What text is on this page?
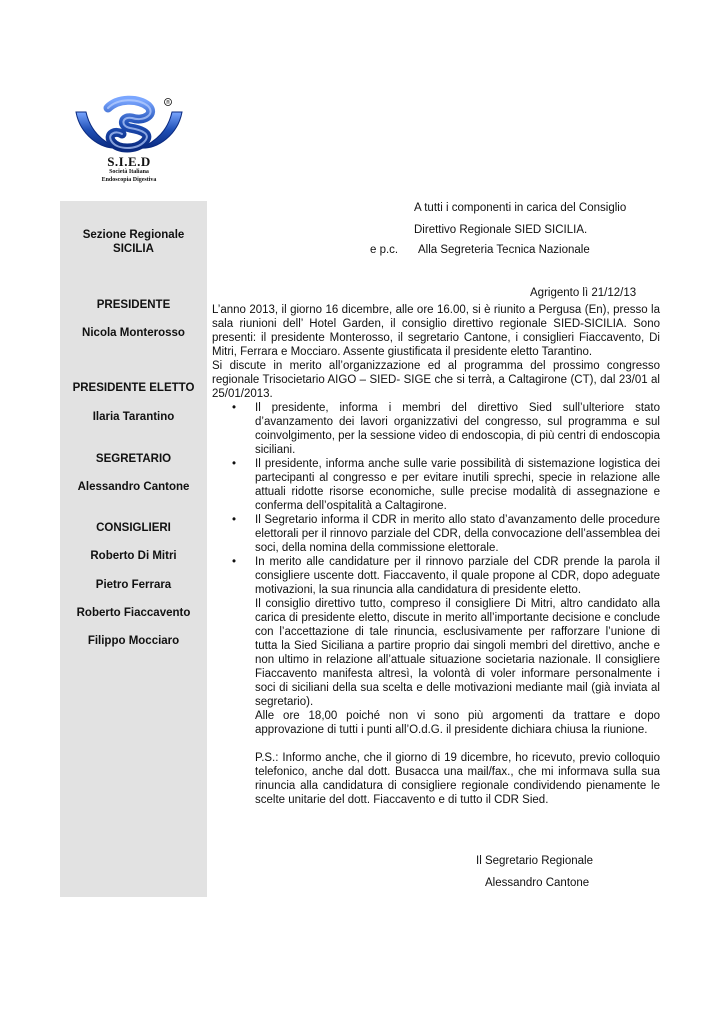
®
S.I.E.D
Società Italiana
Endoscopia Digestiva
Sezione Regionale
SICILIA
PRESIDENTE
Nicola Monterosso
PRESIDENTE ELETTO
Ilaria Tarantino
SEGRETARIO
Alessandro Cantone
CONSIGLIERI
Roberto Di Mitri
Pietro Ferrara
Roberto Fiaccavento
Filippo Mocciaro
A tutti i componenti in carica del Consiglio
Direttivo Regionale SIED SICILIA.
e p.c. Alla Segreteria Tecnica Nazionale
Agrigento lì 21/12/13

L’anno 2013, il giorno 16 dicembre, alle ore 16.00, si è riunito a Pergusa (En), presso la sala riunioni dell’ Hotel Garden, il consiglio direttivo regionale SIED-SICILIA. Sono presenti: il presidente Monterosso, il segretario Cantone, i consiglieri Fiaccavento, Di Mitri, Ferrara e Mocciaro. Assente giustificata il presidente eletto Tarantino.

Si discute in merito all’organizzazione ed al programma del prossimo congresso regionale Trisocietario AIGO – SIED- SIGE che si terrà, a Caltagirone (CT), dal 23/01 al 25/01/2013.

• Il presidente, informa i membri del direttivo Sied sull’ulteriore stato d’avanzamento dei lavori organizzativi del congresso, sul programma e sul coinvolgimento, per la sessione video di endoscopia, di più centri di endoscopia siciliani.
• Il presidente, informa anche sulle varie possibilità di sistemazione logistica dei partecipanti al congresso e per evitare inutili sprechi, specie in relazione alle attuali ridotte risorse economiche, sulle precise modalità di assegnazione e conferma dell’ospitalità a Caltagirone.
• Il Segretario informa il CDR in merito allo stato d’avanzamento delle procedure elettorali per il rinnovo parziale del CDR, della convocazione dell’assemblea dei soci, della nomina della commissione elettorale.
• In merito alle candidature per il rinnovo parziale del CDR prende la parola il consigliere uscente dott. Fiaccavento, il quale propone al CDR, dopo adeguate motivazioni, la sua rinuncia alla candidatura di presidente eletto.

Il consiglio direttivo tutto, compreso il consigliere Di Mitri, altro candidato alla carica di presidente eletto, discute in merito all’importante decisione e conclude con l’accettazione di tale rinuncia, esclusivamente per rafforzare l’unione di tutta la Sied Siciliana a partire proprio dai singoli membri del direttivo, anche e non ultimo in relazione all’attuale situazione societaria nazionale. Il consigliere Fiaccavento manifesta altresì, la volontà di voler informare personalmente i soci di siciliani della sua scelta e delle motivazioni mediante mail (già inviata al segretario).

Alle ore 18,00 poiché non vi sono più argomenti da trattare e dopo approvazione di tutti i punti all’O.d.G. il presidente dichiara chiusa la riunione.

P.S.: Informo anche, che il giorno di 19 dicembre, ho ricevuto, previo colloquio telefonico, anche dal dott. Busacca una mail/fax., che mi informava sulla sua rinuncia alla candidatura di consigliere regionale condividendo pienamente le scelte unitarie del dott. Fiaccavento e di tutto il CDR Sied.

Il Segretario Regionale
Alessandro Cantone
